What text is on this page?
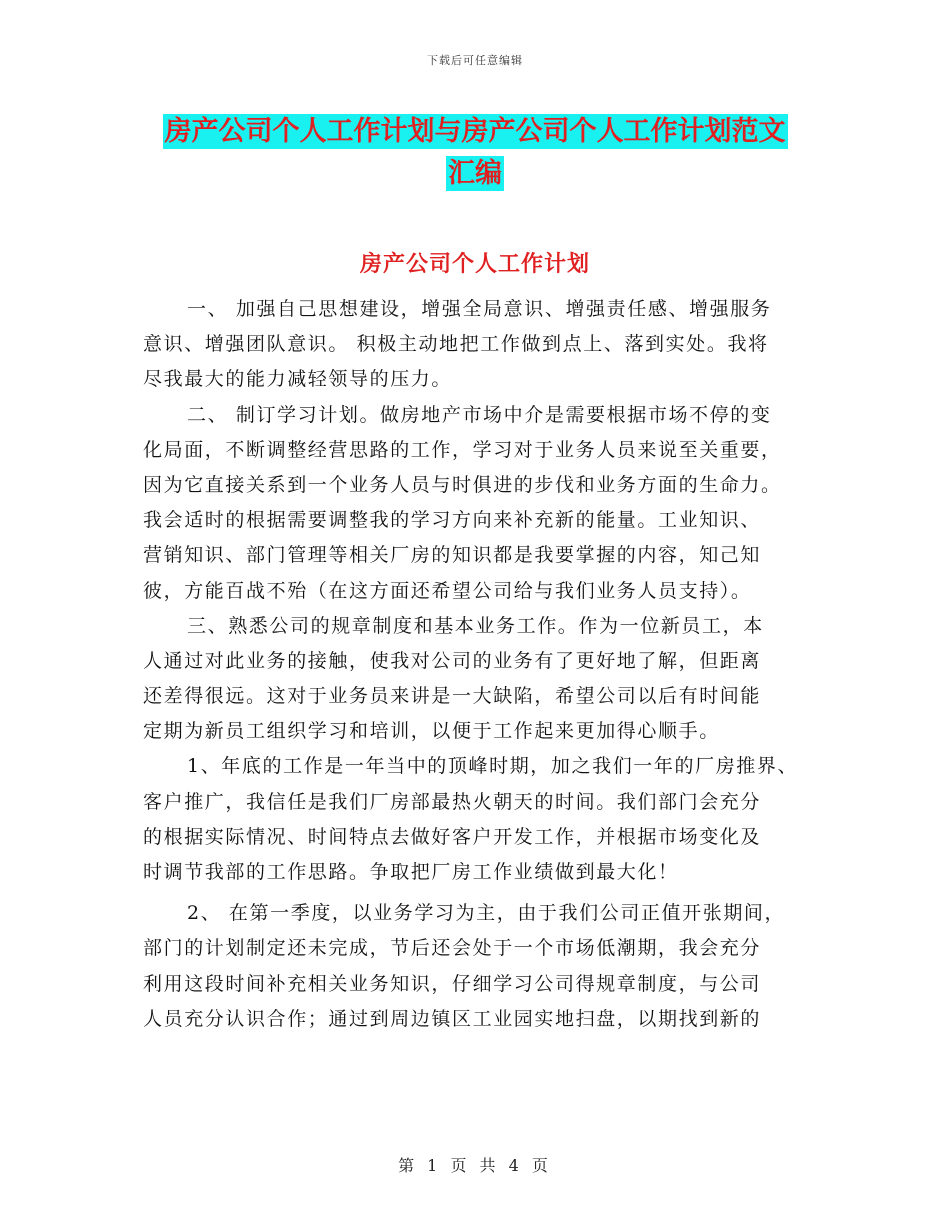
下载后可任意编辑
房产公司个人工作计划与房产公司个人工作计划范文
汇编
房产公司个人工作计划
一、 加强自己思想建设，增强全局意识、增强责任感、增强服务
意识、增强团队意识。 积极主动地把工作做到点上、落到实处。我将
尽我最大的能力减轻领导的压力。
二、 制订学习计划。做房地产市场中介是需要根据市场不停的变
化局面，不断调整经营思路的工作，学习对于业务人员来说至关重要，
因为它直接关系到一个业务人员与时俱进的步伐和业务方面的生命力。
我会适时的根据需要调整我的学习方向来补充新的能量。工业知识、
营销知识、部门管理等相关厂房的知识都是我要掌握的内容，知己知
彼，方能百战不殆（在这方面还希望公司给与我们业务人员支持）。
三、熟悉公司的规章制度和基本业务工作。作为一位新员工，本
人通过对此业务的接触，使我对公司的业务有了更好地了解，但距离
还差得很远。这对于业务员来讲是一大缺陷，希望公司以后有时间能
定期为新员工组织学习和培训，以便于工作起来更加得心顺手。
1、年底的工作是一年当中的顶峰时期，加之我们一年的厂房推界、
客户推广，我信任是我们厂房部最热火朝天的时间。我们部门会充分
的根据实际情况、时间特点去做好客户开发工作，并根据市场变化及
时调节我部的工作思路。争取把厂房工作业绩做到最大化！
2、 在第一季度，以业务学习为主，由于我们公司正值开张期间，
部门的计划制定还未完成，节后还会处于一个市场低潮期，我会充分
利用这段时间补充相关业务知识，仔细学习公司得规章制度，与公司
人员充分认识合作；通过到周边镇区工业园实地扫盘，以期找到新的
第 1 页 共 4 页
